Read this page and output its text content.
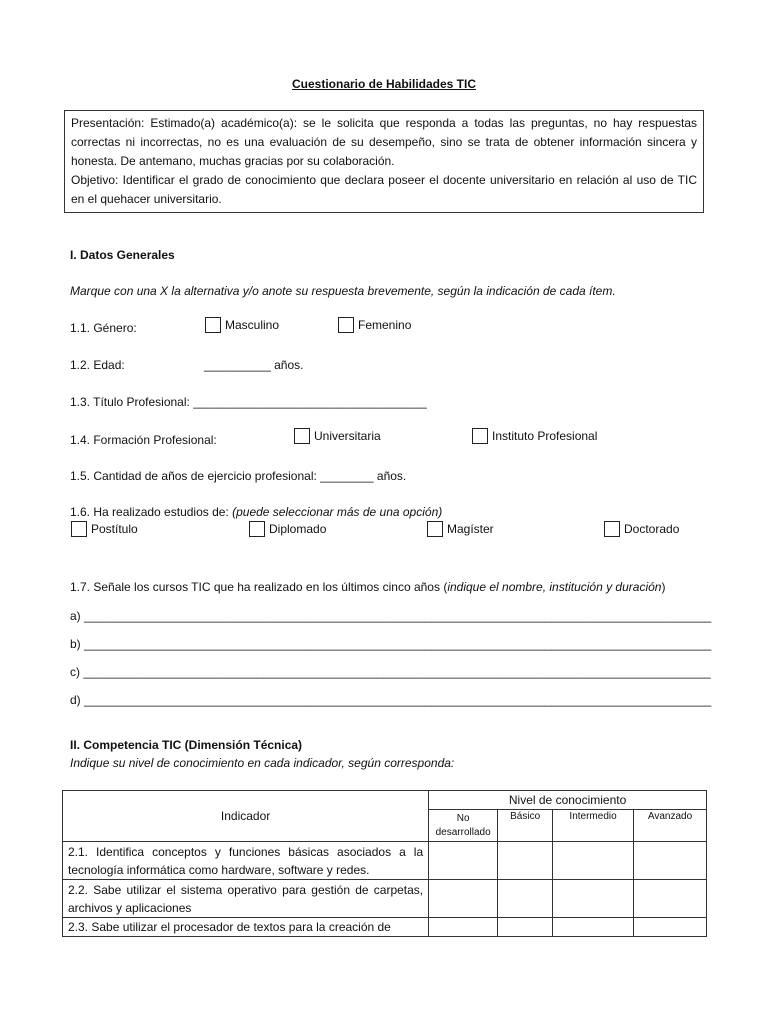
Cuestionario de Habilidades TIC

Presentación: Estimado(a) académico(a): se le solicita que responda a todas las preguntas, no hay respuestas correctas ni incorrectas, no es una evaluación de su desempeño, sino se trata de obtener información sincera y honesta. De antemano, muchas gracias por su colaboración.

Objetivo: Identificar el grado de conocimiento que declara poseer el docente universitario en relación al uso de TIC en el quehacer universitario.

I. Datos Generales
Marque con una X la alternativa y/o anote su respuesta brevemente, según la indicación de cada ítem.
1.1. Género:	Masculino	Femenino
1.2. Edad:	__________ años.
1.3. Título Profesional: ___________________________________
1.4. Formación Profesional:	Universitaria	Instituto Profesional
1.5. Cantidad de años de ejercicio profesional: ________ años.
1.6. Ha realizado estudios de: (puede seleccionar más de una opción)
Postítulo	Diplomado	Magíster	Doctorado
1.7. Señale los cursos TIC que ha realizado en los últimos cinco años (indique el nombre, institución y duración)
a) ______________________________________________________________________________________________
b) ______________________________________________________________________________________________
c) ______________________________________________________________________________________________
d) ______________________________________________________________________________________________
II. Competencia TIC (Dimensión Técnica)
Indique su nivel de conocimiento en cada indicador, según corresponda:
Indicador	Nivel de conocimiento			
	No desarrollado	Básico	Intermedio	Avanzado
2.1. Identifica conceptos y funciones básicas asociados a la tecnología informática como hardware, software y redes.				
2.2. Sabe utilizar el sistema operativo para gestión de carpetas, archivos y aplicaciones				
2.3. Sabe utilizar el procesador de textos para la creación de				
